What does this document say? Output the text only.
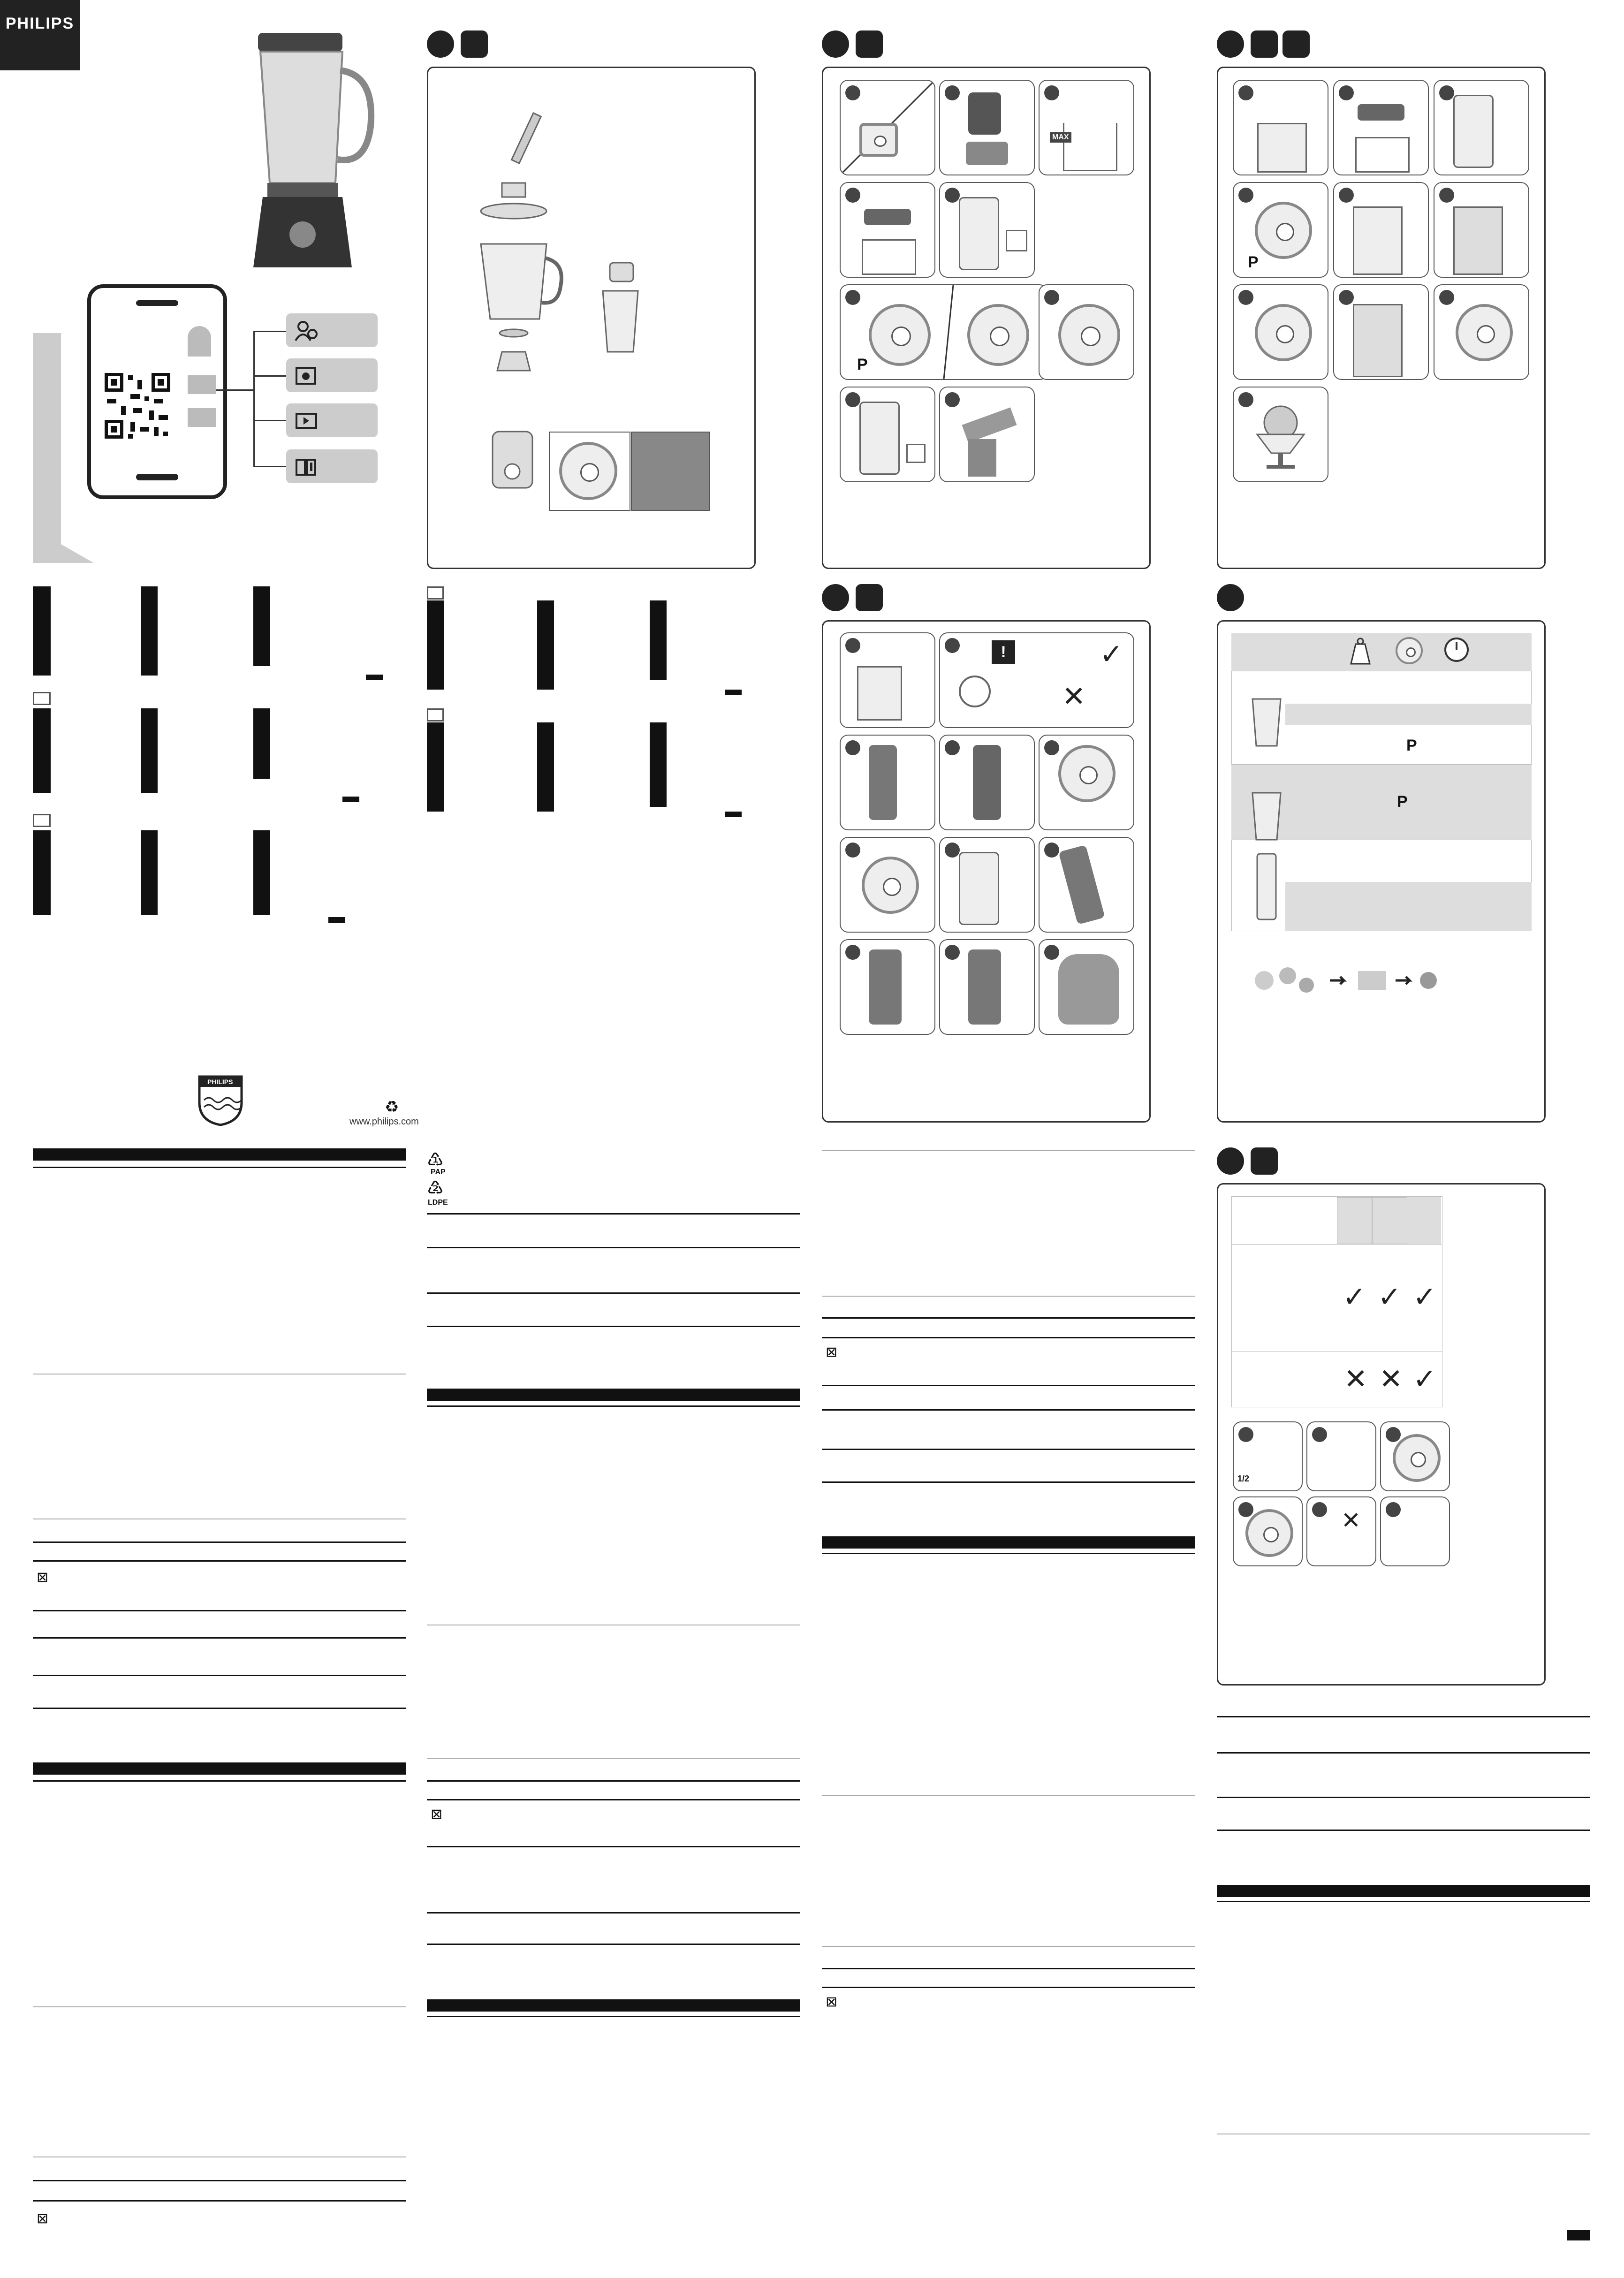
PHILIPS
PHILIPS
♻
www.philips.com
⊠
⊠
♳
PAP
♴
LDPE
⊠
MAX
P
!	✓
✕
⊠
⊠
P
P
P
✓ ✓ ✓
✕ ✕ ✓
1/2
✕
